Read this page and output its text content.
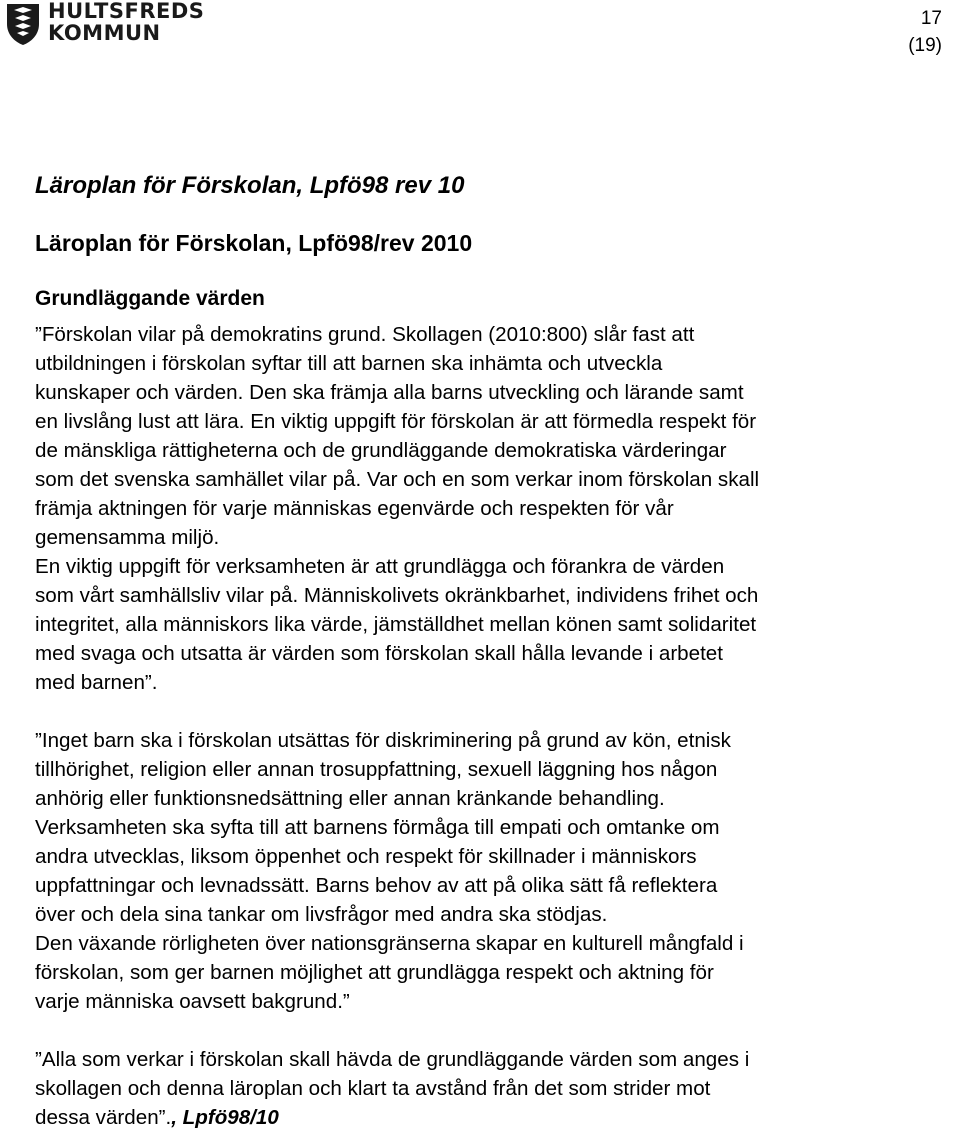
HULTSFREDS
KOMMUN
17
(19)
Läroplan för Förskolan, Lpfö98 rev 10
Läroplan för Förskolan, Lpfö98/rev 2010
Grundläggande värden
”Förskolan vilar på demokratins grund. Skollagen (2010:800) slår fast att
utbildningen i förskolan syftar till att barnen ska inhämta och utveckla
kunskaper och värden. Den ska främja alla barns utveckling och lärande samt
en livslång lust att lära. En viktig uppgift för förskolan är att förmedla respekt för
de mänskliga rättigheterna och de grundläggande demokratiska värderingar
som det svenska samhället vilar på. Var och en som verkar inom förskolan skall
främja aktningen för varje människas egenvärde och respekten för vår
gemensamma miljö.
En viktig uppgift för verksamheten är att grundlägga och förankra de värden
som vårt samhällsliv vilar på. Människolivets okränkbarhet, individens frihet och
integritet, alla människors lika värde, jämställdhet mellan könen samt solidaritet
med svaga och utsatta är värden som förskolan skall hålla levande i arbetet
med barnen”.
”Inget barn ska i förskolan utsättas för diskriminering på grund av kön, etnisk
tillhörighet, religion eller annan trosuppfattning, sexuell läggning hos någon
anhörig eller funktionsnedsättning eller annan kränkande behandling.
Verksamheten ska syfta till att barnens förmåga till empati och omtanke om
andra utvecklas, liksom öppenhet och respekt för skillnader i människors
uppfattningar och levnadssätt. Barns behov av att på olika sätt få reflektera
över och dela sina tankar om livsfrågor med andra ska stödjas.
Den växande rörligheten över nationsgränserna skapar en kulturell mångfald i
förskolan, som ger barnen möjlighet att grundlägga respekt och aktning för
varje människa oavsett bakgrund.”
”Alla som verkar i förskolan skall hävda de grundläggande värden som anges i
skollagen och denna läroplan och klart ta avstånd från det som strider mot
dessa värden”., Lpfö98/10
